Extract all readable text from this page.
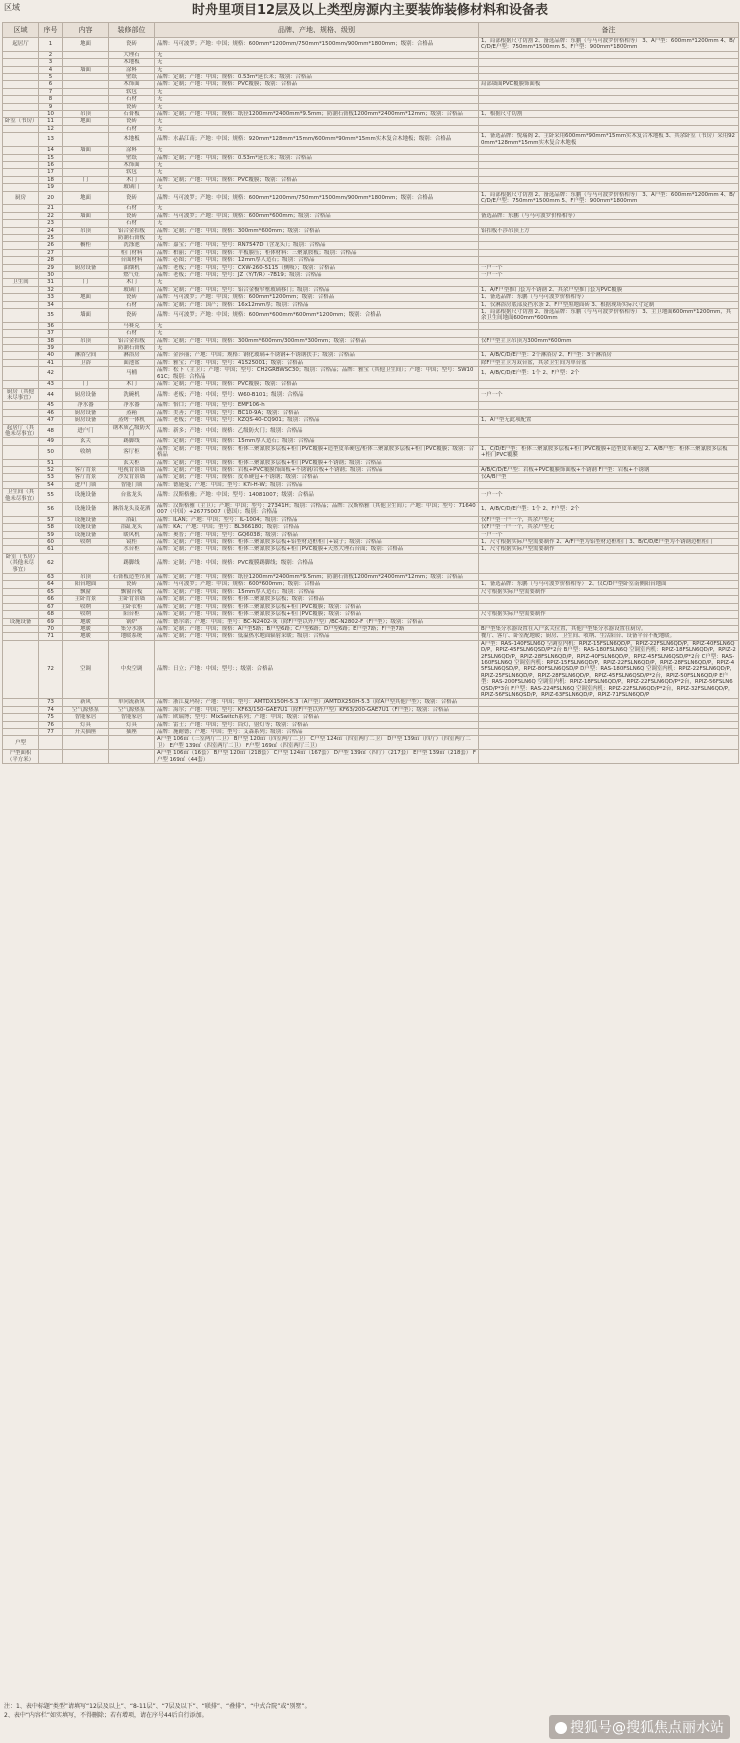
区域	时舟里项目12层及以上类型房源内主要装饰装修材料和设备表
区域	序号	内容	装修部位	品牌、产地、规格、级别	备注
起居厅	1	地面	瓷砖	品牌：马可波罗；产地：中国；规格：600mm*1200mm/750mm*1500mm/900mm*1800mm；级别：合格品	1、局部根据尺寸切割 2、备选品牌：东鹏（与马可波罗价格相等） 3、A户型：600mm*1200mm 4、B/C/D/E户型：750mm*1500mm 5、F户型：900mm*1800mm
	2		大理石	无	
	3		木地板	无	
	4	墙面	涂料	无	
	5		壁纸	品牌：定制；产地：中国；规格：0.53m*延长米；级别：合格品	
	6		木饰面	品牌：定制；产地：中国；规格：PVC覆膜；级别：合格品	局部墙面PVC覆膜饰面板
	7		软包	无	
	8		石材	无	
	9		瓷砖	无	
	10	吊顶	石膏板	品牌：定制；产地：中国；规格：纸径1200mm*2400mm*9.5mm；防潮石膏板1200mm*2400mm*12mm；级别：合格品	1、根据尺寸切割
卧室（书房）	11	地面	瓷砖	无	
	12		石材	无	
	13		木地板	品牌：水晶江南；产地：中国；规格：920mm*128mm*15mm/600mm*90mm*15mm实木复合木地板；级别：合格品	1、备选品牌：悦瑞阁 2、主卧采用600mm*90mm*15mm实木复合木地板 3、其余卧室（书房）采用920mm*128mm*15mm实木复合木地板
	14	墙面	涂料	无	
	15		壁纸	品牌：定制；产地：中国；规格：0.53m*延长米；级别：合格品	
	16		木饰面	无	
	17		软包	无	
	18	门	木门	品牌：定制；产地：中国；规格：PVC覆膜；级别：合格品	
	19		玻璃门	无	
厨房	20	地面	瓷砖	品牌：马可波罗；产地：中国；规格：600mm*1200mm/750mm*1500mm/900mm*1800mm；级别：合格品	1、局部根据尺寸切割 2、备选品牌：东鹏（与马可波罗价格相等） 3、A户型：600mm*1200mm 4、B/C/D/E户型：750mm*1500mm 5、F户型：900mm*1800mm
	21		石材	无	
	22	墙面	瓷砖	品牌：马可波罗；产地：中国；规格：600mm*600mm；级别：合格品	备选品牌：东鹏（与马可波罗价格相等）
	23		石材	无	
	24	吊顶	铝合金扣板	品牌：定制；产地：中国；规格：300mm*600mm；级别：合格品	铝扣板不涉吊顶上方
	25		防潮石膏板	无	
	26	橱柜	洗涤池	品牌：嘉宝；产地：中国；型号：RN7547D（含龙头）；级别：合格品	
	27		柜门材料	品牌：柏丽；产地：中国；规格：平板膜压；柜体材料：三聚氰胺板；级别：合格品	
	28		台面材料	品牌：必图；产地：中国；规格：12mm厚人造石；级别：合格品	
	29	厨房设备	油烟机	品牌：老板；产地：中国；型号：CXW-260-5115（侧吸）；级别：合格品	一户一个
	30		燃气灶	品牌：老板；产地：中国；型号：JZ（Y/T/R）-7B19；级别：合格品	一户一个
卫生间	31	门	木门	无	
	32		玻璃门	品牌：定制；产地：中国；型号：铝合金极窄框玻璃移门；级别：合格品	1、A/F户型推门套为不锈钢 2、其余户型推门套为PVC覆膜
	33	地面	瓷砖	品牌：马可波罗；产地：中国；规格：600mm*1200mm；级别：合格品	1、备选品牌：东鹏（与马可波罗价格相等）
	34		石材	品牌：定制；产地：国产；规格：16x12mm厚；级别：合格品	1、仅淋浴房底部及挡水条 2、F户型黑地面砖 3、根据现场实际尺寸定制
	35	墙面	瓷砖	品牌：马可波罗；产地：中国；规格：600mm*600mm*600mm*1200mm；级别：合格品	1、局部根据尺寸切割 2、备选品牌：东鹏（与马可波罗价格相等） 3、主卫地面600mm*1200mm，其余卫生间地面600mm*600mm
	36		马赛克	无	
	37		石材	无	
	38	吊顶	铝合金扣板	品牌：定制；产地：中国；规格：300mm*600mm/300mm*300mm；级别：合格品	仅F户型主卫吊顶为300mm*600mm
	39		防潮石膏板	无	
	40	淋浴空间	淋浴房	品牌：金莎丽；产地：中国；规格：钢化玻璃+不锈钢+不锈钢扶手；级别：合格品	1、A/B/C/D/E户型：2个淋浴房 2、F户型：3个淋浴房
	41	卫浴	面池盆	品牌：雅宝；产地：中国；型号：41525001；级别：合格品	除F户型主卫为双台盆，其余卫生间为单台盆
	42		马桶	品牌：松下（主卫）；产地：中国；型号：CH2GRBWSC30；级别：合格品；品牌：雅宝（其他卫生间）；产地：中国；型号：SW1061C；级别：合格品	1、A/B/C/D/E户型：1个 2、F户型：2个
	43	门	木门	品牌：定制；产地：中国；规格：PVC覆膜；级别：合格品	
厨房（其他未尽事宜）	44	厨房设备	洗碗机	品牌：老板；产地：中国；型号：W60-B101；级别：合格品	一户一个
	45	净水器	净水器	品牌：怡口；产地：中国；型号：EMF106-h	
	46	厨房设备	蒸箱	品牌：美善；产地：中国；型号：BC10-9A；级别：合格品	
	47	厨房设备	蒸烤一体机	品牌：老板；产地：中国；型号：KZQS-40-CQ901；级别：合格品	1、A户型无此项配置
起居厅（其他未尽事宜）	48	进户门	钢木质乙级防火门	品牌：新多；产地：中国；规格：乙级防火门；级别：合格品	
	49	玄关	踢脚线	品牌：定制；产地：中国；规格：15mm厚人造石；级别：合格品	
	50	收纳	客厅柜	品牌：定制；产地：中国；规格：柜体三聚氰胺多层板+柜门PVC覆膜+造型皮革硬包/柜体三聚氰胺多层板+柜门PVC覆膜；级别：合格品	1、C/D/E户型：柜体三聚氰胺多层板+柜门PVC覆膜+造型皮革硬包 2、A/B户型：柜体三聚氰胺多层板+柜门PVC覆膜
	51		玄关柜	品牌：定制；产地：中国；规格：柜体三聚氰胺多层板+柜门PVC覆膜+不锈钢；级别：合格品	
	52	客厅背景	电视背景墙	品牌：定制；产地：中国；规格：岩板+PVC覆膜饰面板+不锈钢/岩板+不锈钢；级别：合格品	A/B/C/D/E户型：岩板+PVC覆膜饰面板+不锈钢 F户型：岩板+不锈钢
	53	客厅背景	沙发背景墙	品牌：定制；产地：中国；规格：皮革硬包+不锈钢；级别：合格品	仅A/B户型
	54	进户门锁	智能门锁	品牌：德施曼；产地：中国；型号：K7i-H-W；级别：合格品	
卫生间（其他未尽事宜）	55	设施设备	台盆龙头	品牌：汉斯格雅；产地：中国；型号：14081007；级别：合格品	一户一个
	56	设施设备	淋浴龙头及花洒	品牌：汉斯格雅（主卫）；产地：中国；型号：27341H；级别：合格品；品牌：汉斯格雅（其他卫生间）；产地：中国；型号：71640007（中国）+26775007（德国）；级别：合格品	1、A/B/C/D/E户型：1个 2、F户型：2个
	57	设施设备	浴缸	品牌：ILAN；产地：中国；型号：IL-1004；级别：合格品	仅F户型一户一个，其余户型无
	58	设施设备	浴缸龙头	品牌：KA；产地：中国；型号：BL366180；级别：合格品	仅F户型一户一个，其余户型无
	59	设施设备	暖风机	品牌：奥普；产地：中国；型号：GQ6038；级别：合格品	一户一个
	60	收纳	镜柜	品牌：定制；产地：中国；规格：柜体三聚氰胺多层板+铝型材边框柜门+镜子；级别：合格品	1、尺寸根据实际户型需要制作 2、A/F户型为铝型材边框柜门 3、B/C/D/E户型为不锈钢边框柜门
	61		水台柜	品牌：定制；产地：中国；规格：柜体三聚氰胺多层板+柜门PVC覆膜+天然大理石台面；级别：合格品	1、尺寸根据实际户型需要制作
卧室（书房）（其他未尽事宜）	62		踢脚线	品牌：定制；产地：中国；规格：PVC覆膜踢脚线；级别：合格品	
	63	吊顶	石膏板造型吊顶	品牌：定制；产地：中国；规格：纸径1200mm*2400mm*9.5mm；防潮石膏板1200mm*2400mm*12mm；级别：合格品	
	64	阳台地面	瓷砖	品牌：马可波罗；产地：中国；规格：600*600mm；级别：合格品	1、备选品牌：东鹏（与马可波罗价格相等） 2、仅C/D户型卧室南侧阳台地面
	65	飘窗	飘窗台板	品牌：定制；产地：中国；规格：15mm厚人造石；级别：合格品	尺寸根据实际户型需要制作
	66	主卧背景	主卧背景墙	品牌：定制；产地：中国；规格：柜体三聚氰胺多层板；级别：合格品	
	67	收纳	主卧衣柜	品牌：定制；产地：中国；规格：柜体三聚氰胺多层板+柜门PVC覆膜；级别：合格品	
	68	收纳	阳台柜	品牌：定制；产地：中国；规格：柜体三聚氰胺多层板+柜门PVC覆膜；级别：合格品	尺寸根据实际户型需要制作
设施设备	69	地暖	锅炉	品牌：德尔诺；产地：中国；型号：BC-N2402-灰（除F户型以外户型）/BC-N2802-F（F户型）；级别：合格品	
	70	地暖	集分水器	品牌：定制；产地：中国；规格：A户型5路；B户型6路；C户型6路；D户型6路；E户型7路；F户型7路	B户型集分水器设置在入户玄关位置，其他户型集分水器设置在厨房。
	71	地暖	地暖系统	品牌：定制；产地：中国；规格：低温热水地面辐射采暖；级别：合格品	餐厅、客厅、卧室配地暖；厨房、卫生间、收纳、生活阳台、设备平台不配地暖。
	72	空调	中央空调	品牌：日立；产地：中国；型号：；级别：合格品	A户型：RAS-140FSLN6Q 空调室内机：RPIZ-15FSLN6QD/P，RPIZ-22FSLN6QD/P，RPIZ-40FSLN6QD/P，RPIZ-45FSLN6QSD/P*2台 B户型：RAS-180FSLN6Q 空调室内机：RPIZ-18FSLN6QD/P，RPIZ-22FSLN6QD/P，RPIZ-28FSLN6QD/P，RPIZ-40FSLN6QD/P，RPIZ-45FSLN6QSD/P*2台 C户型：RAS-160FSLN6Q 空调室内机：RPIZ-15FSLN6QD/P，RPIZ-22FSLN6QD/P，RPIZ-28FSLN6QD/P，RPIZ-45FSLN6QSD/P，RPIZ-80FSLN6QSD/P D户型：RAS-180FSLN6Q 空调室内机：RPIZ-22FSLN6QD/P，RPIZ-25FSLN6QD/P，RPIZ-28FSLN6QD/P，RPIZ-45FSLN6QSD/P*2台，RPIZ-50FSLN6QD/P E户型：RAS-200FSLN6Q 空调室内机：RPIZ-18FSLN6QD/P，RPIZ-22FSLN6QD/P*2台，RPIZ-56FSLN6QSD/P*3台 F户型：RAS-224FSLN6Q 空调室内机：RPIZ-22FSLN6QD/P*2台，RPIZ-32FSLN6QD/P，RPIZ-56FSLN6QSD/P，RPIZ-63FSLN6QD/P，RPIZ-71FSLN6QD/P
	73	新风	单向流新风	品牌：浙江夏玛特；产地：中国；型号：AMTDX150H-5.3（A户型）/AMTDX250H-5.3（除A户型其他户型）；级别：合格品	
	74	空气源热泵	空气源热泵	品牌：海尔；产地：中国；型号：KF63/150-GAE7U1（除F户型以外户型）KF63/200-GAE7U1（F户型）；级别：合格品	
	75	智能家居	智能家居	品牌：欧瑞博；型号：MixSwitch系列；产地：中国；级别：合格品	
	76	灯具	灯具	品牌：雷士；产地：中国；型号：筒灯，射灯等；级别：合格品	
	77	开关插座	插座	品牌：施耐德；产地：中国；型号：艾森系列；级别：合格品	
户型				A户型 106㎡（三室两厅二卫） B户型 120㎡（四室两厅二卫） C户型 124㎡（四室两厅二卫） D户型 139㎡（四厅）（四室两厅二卫） E户型 139㎡（四室两厅二卫） F户型 169㎡（四室两厅三卫）	
户型面积（平方米）				A户型 106㎡（16套） B户型 120㎡（218套） C户型 124㎡（167套） D户型 139㎡（四厅）（217套） E户型 139㎡（218套） F户型 169㎡（44套）	
注：1、表中标题“类型”请填写“12层及以上”、“8-11层”、“7层及以下”、“联排”、“叠排”、“中式合院”或“别墅”。
2、表中“内容栏”如实填写，不得删除；若有增项，请在序号44后自行添加。
搜狐号@搜狐焦点丽水站
